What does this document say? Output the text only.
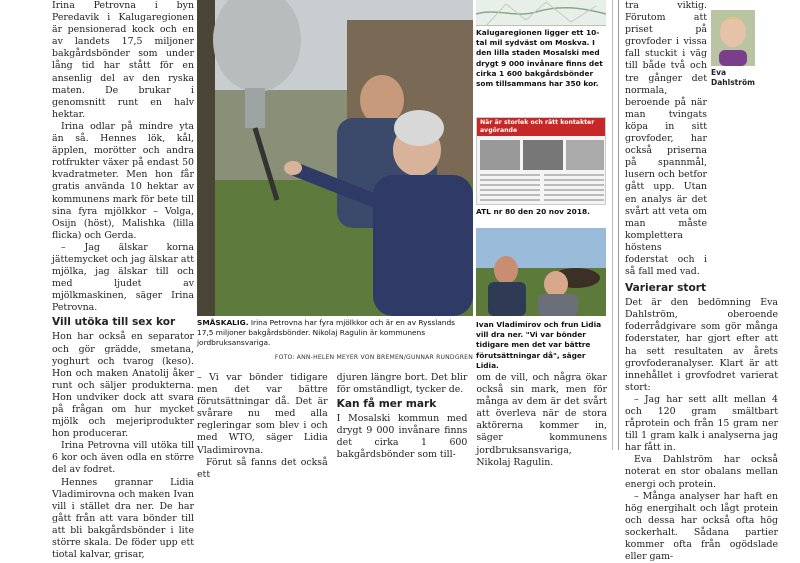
Irina Petrovna i byn Peredavik i Kalugaregionen är pensionerad kock och en av landets 17,5 miljoner bakgårdsbönder som under lång tid har stått för en ansenlig del av den ryska maten. De brukar i genomsnitt runt en halv hektar.

Irina odlar på mindre yta än så. Hennes lök, kål, äpplen, morötter och andra rotfrukter växer på endast 50 kvadratmeter. Men hon får gratis använda 10 hektar av kommunens mark för bete till sina fyra mjölkkor – Volga, Osijn (höst), Malishka (lilla flicka) och Gerda.

– Jag älskar korna jättemycket och jag älskar att mjölka, jag älskar till och med ljudet av mjölkmaskinen, säger Irina Petrovna.

Vill utöka till sex kor

Hon har också en separator och gör grädde, smetana, yoghurt och tvarog (keso). Hon och maken Anatolij åker runt och säljer produkterna. Hon undviker dock att svara på frågan om hur mycket mjölk och mejeriprodukter hon producerar.

Irina Petrovna vill utöka till 6 kor och även odla en större del av fodret.

Hennes grannar Lidia Vladimirovna och maken Ivan vill i stället dra ner. De har gått från att vara bönder till att bli bakgårdsbönder i lite större skala. De föder upp ett tiotal kalvar, grisar,

SMÅSKALIG. Irina Petrovna har fyra mjölkkor och är en av Rysslands 17,5 miljoner bakgårdsbönder. Nikolaj Ragulin är kommunens jordbruksansvariga.
FOTO: ANN-HELEN MEYER VON BREMEN/GUNNAR RUNDGREN
Kalugaregionen ligger ett 10-tal mil sydväst om Moskva. I den lilla staden Mosalski med drygt 9 000 invånare finns det cirka 1 600 bakgårdsbönder som tillsammans har 350 kor.
När är storlek och rätt kontakter avgörande
ATL nr 80 den 20 nov 2018.
Ivan Vladimirov och frun Lidia vill dra ner. "Vi var bönder tidigare men det var bättre förutsättningar då", säger Lidia.

– Vi var bönder tidigare men det var bättre förutsättningar då. Det är svårare nu med alla regleringar som blev i och med WTO, säger Lidia Vladimirovna.

Förut så fanns det också ett

djuren längre bort. Det blir för omständligt, tycker de.

Kan få mer mark

I Mosalski kommun med drygt 9 000 invånare finns det cirka 1 600 bakgårdsbönder som till-

om de vill, och några ökar också sin mark, men för många av dem är det svårt att överleva när de stora aktörerna kommer in, säger kommunens jordbruksansvariga, Nikolaj Ragulin.

Eva Dahlström

tra viktig. Förutom att priset på grovfoder i vissa fall stuckit i väg till både två och tre gånger det normala, beroende på när man tvingats köpa in sitt grovfoder, har också priserna på spannmål, lusern och betfor gått upp. Utan en analys är det svårt att veta om man måste komplettera höstens foderstat och i så fall med vad.

Varierar stort

Det är den bedömning Eva Dahlström, oberoende foderrådgivare som gör många foderstater, har gjort efter att ha sett resultaten av årets grovfoderanalyser. Klart är att innehållet i grovfodret varierat stort:

– Jag har sett allt mellan 4 och 120 gram smältbart råprotein och från 15 gram ner till 1 gram kalk i analyserna jag har fått in.

Eva Dahlström har också noterat en stor obalans mellan energi och protein.

– Många analyser har haft en hög energihalt och lågt protein och dessa har också ofta hög sockerhalt. Sådana partier kommer ofta från ogödslade eller gam-
